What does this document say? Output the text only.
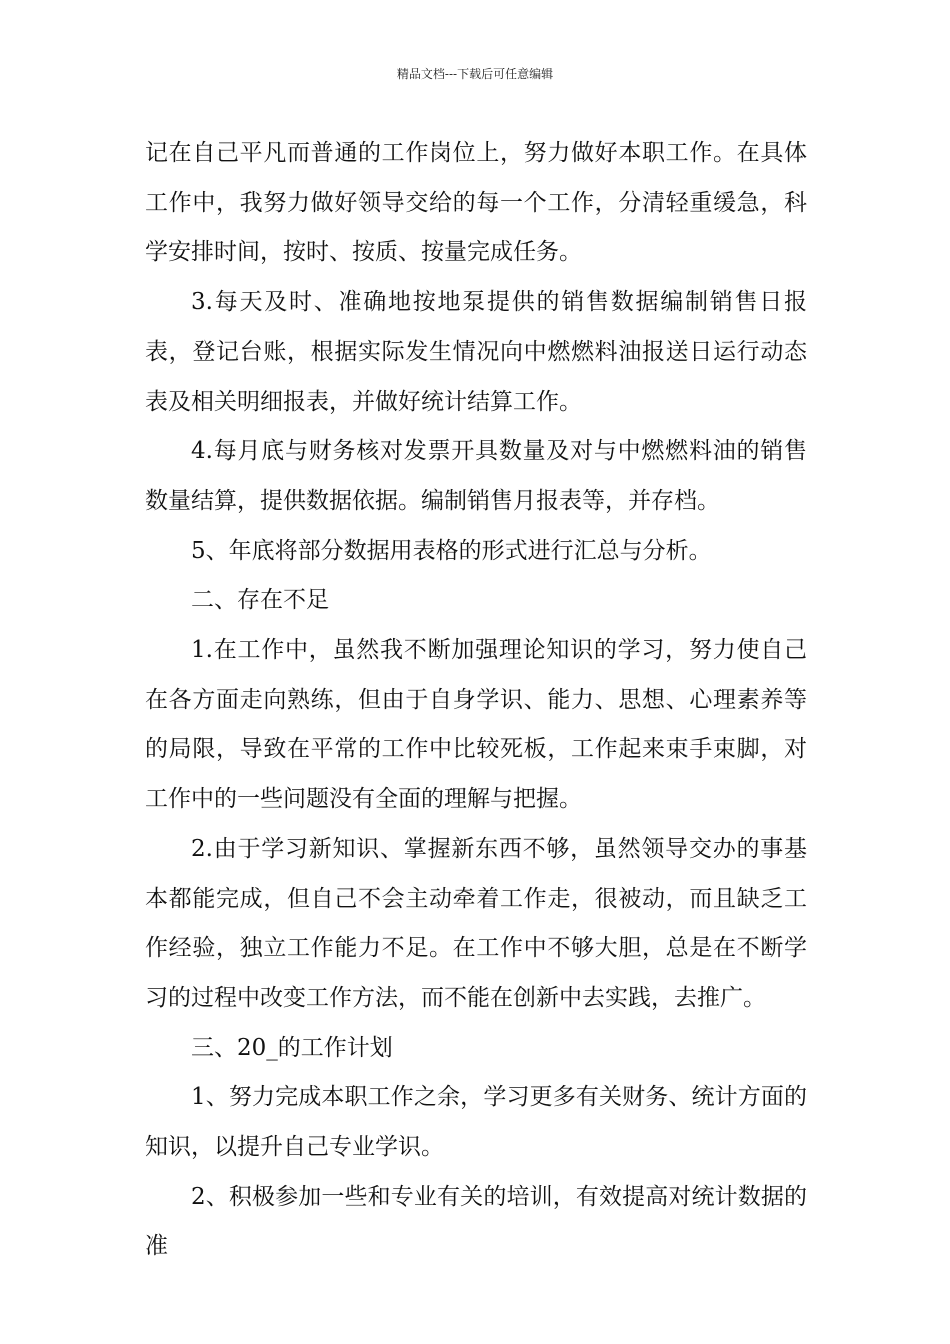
精品文档---下载后可任意编辑

记在自己平凡而普通的工作岗位上，努力做好本职工作。在具体工作中，我努力做好领导交给的每一个工作，分清轻重缓急，科学安排时间，按时、按质、按量完成任务。

3.每天及时、准确地按地泵提供的销售数据编制销售日报表，登记台账，根据实际发生情况向中燃燃料油报送日运行动态表及相关明细报表，并做好统计结算工作。

4.每月底与财务核对发票开具数量及对与中燃燃料油的销售数量结算，提供数据依据。编制销售月报表等，并存档。

5、年底将部分数据用表格的形式进行汇总与分析。

二、存在不足

1.在工作中，虽然我不断加强理论知识的学习，努力使自己在各方面走向熟练，但由于自身学识、能力、思想、心理素养等的局限，导致在平常的工作中比较死板，工作起来束手束脚，对工作中的一些问题没有全面的理解与把握。

2.由于学习新知识、掌握新东西不够，虽然领导交办的事基本都能完成，但自己不会主动牵着工作走，很被动，而且缺乏工作经验，独立工作能力不足。在工作中不够大胆，总是在不断学习的过程中改变工作方法，而不能在创新中去实践，去推广。

三、20_的工作计划

1、努力完成本职工作之余，学习更多有关财务、统计方面的知识，以提升自己专业学识。

2、积极参加一些和专业有关的培训，有效提高对统计数据的准
